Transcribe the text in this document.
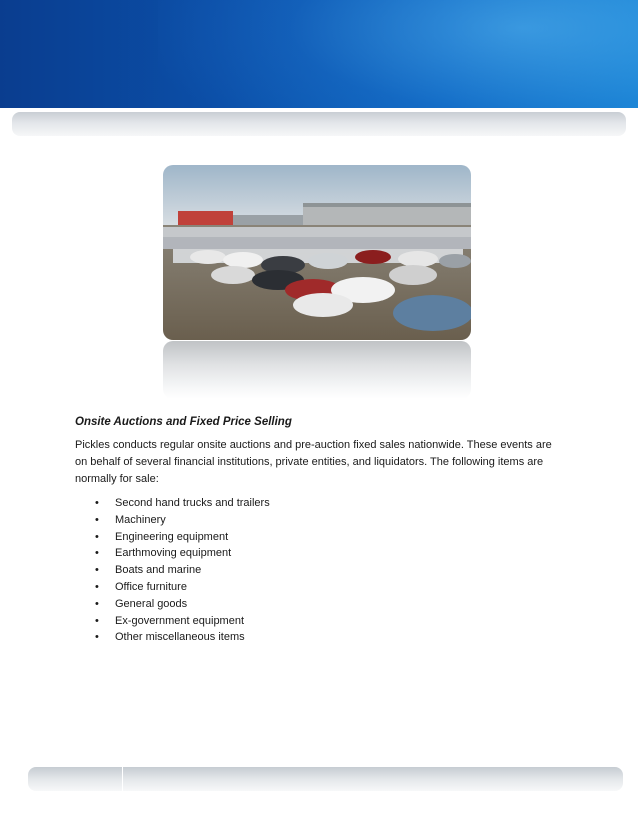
Onsite Auctions and Fixed Price Selling

Pickles conducts regular onsite auctions and pre-auction fixed sales nationwide. These events are on behalf of several financial institutions, private entities, and liquidators. The following items are normally for sale:

•	Second hand trucks and trailers
•	Machinery
•	Engineering equipment
•	Earthmoving equipment
•	Boats and marine
•	Office furniture
•	General goods
•	Ex-government equipment
•	Other miscellaneous items
